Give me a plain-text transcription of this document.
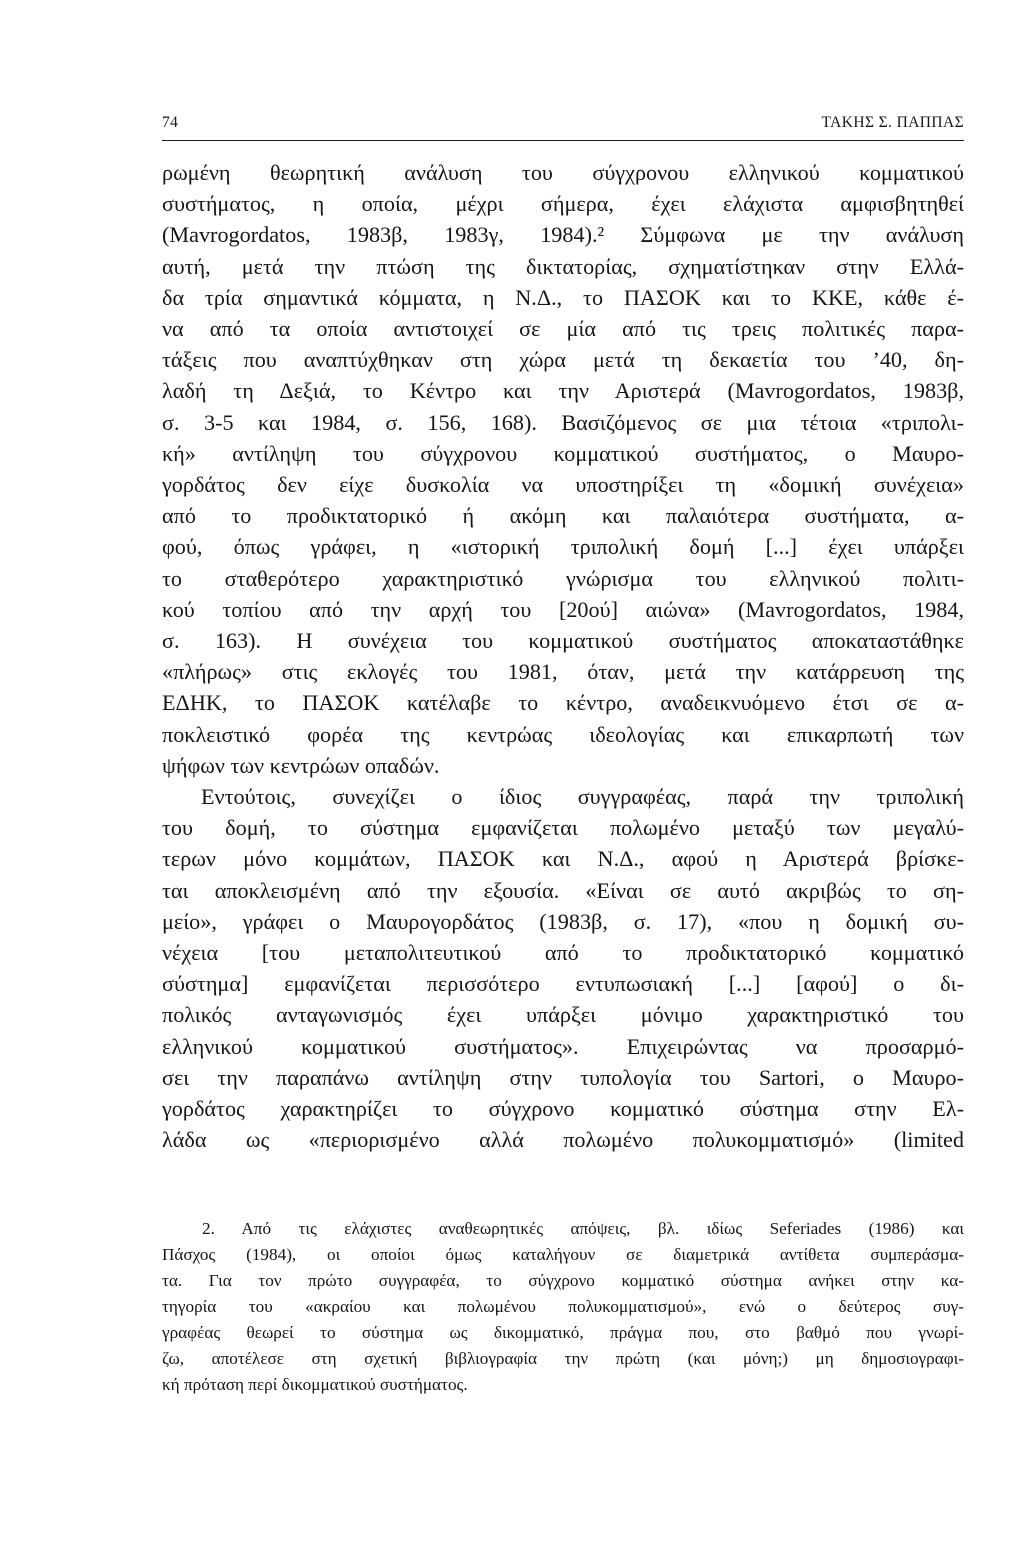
74	ΤΑΚΗΣ Σ. ΠΑΠΠΑΣ
ρωμένη θεωρητική ανάλυση του σύγχρονου ελληνικού κομματικού
συστήματος, η οποία, μέχρι σήμερα, έχει ελάχιστα αμφισβητηθεί
(Mavrogordatos, 1983β, 1983γ, 1984).² Σύμφωνα με την ανάλυση
αυτή, μετά την πτώση της δικτατορίας, σχηματίστηκαν στην Ελλά-
δα τρία σημαντικά κόμματα, η Ν.Δ., το ΠΑΣΟΚ και το ΚΚΕ, κάθε έ-
να από τα οποία αντιστοιχεί σε μία από τις τρεις πολιτικές παρα-
τάξεις που αναπτύχθηκαν στη χώρα μετά τη δεκαετία του ’40, δη-
λαδή τη Δεξιά, το Κέντρο και την Αριστερά (Mavrogordatos, 1983β,
σ. 3-5 και 1984, σ. 156, 168). Βασιζόμενος σε μια τέτοια «τριπολι-
κή» αντίληψη του σύγχρονου κομματικού συστήματος, ο Μαυρο-
γορδάτος δεν είχε δυσκολία να υποστηρίξει τη «δομική συνέχεια»
από το προδικτατορικό ή ακόμη και παλαιότερα συστήματα, α-
φού, όπως γράφει, η «ιστορική τριπολική δομή [...] έχει υπάρξει
το σταθερότερο χαρακτηριστικό γνώρισμα του ελληνικού πολιτι-
κού τοπίου από την αρχή του [20ού] αιώνα» (Mavrogordatos, 1984,
σ. 163). Η συνέχεια του κομματικού συστήματος αποκαταστάθηκε
«πλήρως» στις εκλογές του 1981, όταν, μετά την κατάρρευση της
ΕΔΗΚ, το ΠΑΣΟΚ κατέλαβε το κέντρο, αναδεικνυόμενο έτσι σε α-
ποκλειστικό φορέα της κεντρώας ιδεολογίας και επικαρπωτή των
ψήφων των κεντρώων οπαδών.
Εντούτοις, συνεχίζει ο ίδιος συγγραφέας, παρά την τριπολική
του δομή, το σύστημα εμφανίζεται πολωμένο μεταξύ των μεγαλύ-
τερων μόνο κομμάτων, ΠΑΣΟΚ και Ν.Δ., αφού η Αριστερά βρίσκε-
ται αποκλεισμένη από την εξουσία. «Είναι σε αυτό ακριβώς το ση-
μείο», γράφει ο Μαυρογορδάτος (1983β, σ. 17), «που η δομική συ-
νέχεια [του μεταπολιτευτικού από το προδικτατορικό κομματικό
σύστημα] εμφανίζεται περισσότερο εντυπωσιακή [...] [αφού] ο δι-
πολικός ανταγωνισμός έχει υπάρξει μόνιμο χαρακτηριστικό του
ελληνικού κομματικού συστήματος». Επιχειρώντας να προσαρμό-
σει την παραπάνω αντίληψη στην τυπολογία του Sartori, ο Μαυρο-
γορδάτος χαρακτηρίζει το σύγχρονο κομματικό σύστημα στην Ελ-
λάδα ως «περιορισμένο αλλά πολωμένο πολυκομματισμό» (limited
2. Από τις ελάχιστες αναθεωρητικές απόψεις, βλ. ιδίως Seferiades (1986) και
Πάσχος (1984), οι οποίοι όμως καταλήγουν σε διαμετρικά αντίθετα συμπεράσμα-
τα. Για τον πρώτο συγγραφέα, το σύγχρονο κομματικό σύστημα ανήκει στην κα-
τηγορία του «ακραίου και πολωμένου πολυκομματισμού», ενώ ο δεύτερος συγ-
γραφέας θεωρεί το σύστημα ως δικομματικό, πράγμα που, στο βαθμό που γνωρί-
ζω, αποτέλεσε στη σχετική βιβλιογραφία την πρώτη (και μόνη;) μη δημοσιογραφι-
κή πρόταση περί δικομματικού συστήματος.
